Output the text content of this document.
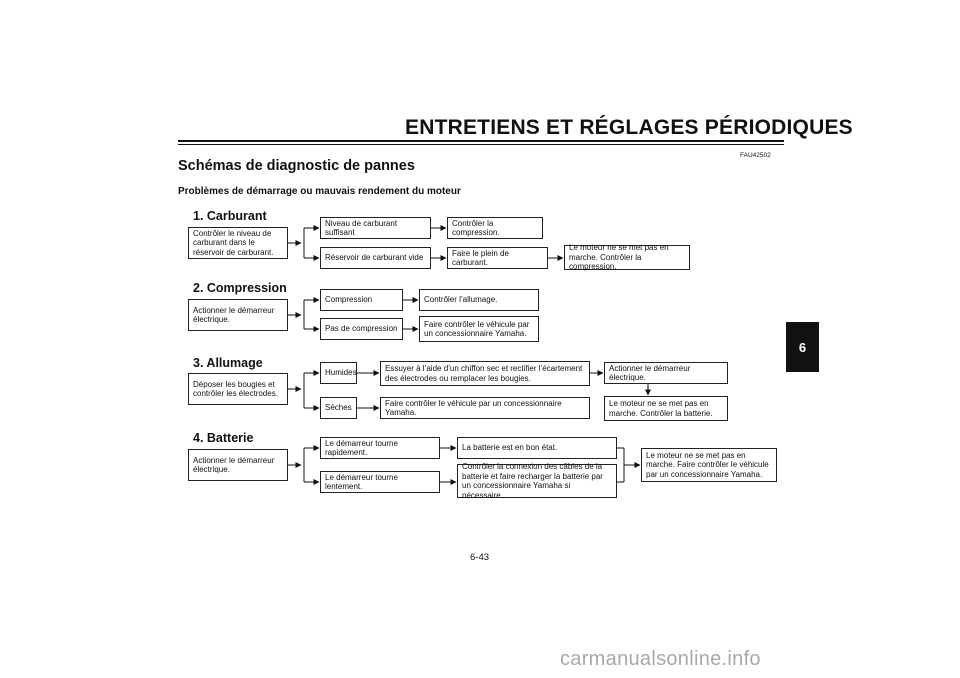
ENTRETIENS ET RÉGLAGES PÉRIODIQUES
FAU42502
Schémas de diagnostic de pannes
Problèmes de démarrage ou mauvais rendement du moteur
1. Carburant
Contrôler le niveau de carburant dans le réservoir de carburant.
Niveau de carburant suffisant
Contrôler la compression.
Réservoir de carburant vide
Faire le plein de carburant.
Le moteur ne se met pas en marche. Contrôler la compression.
2. Compression
Actionner le démarreur électrique.
Compression	Contrôler l’allumage.
Pas de compression
Faire contrôler le véhicule par un concessionnaire Yamaha.
3. Allumage
Déposer les bougies et contrôler les électrodes.
Humides	Essuyer à l’aide d’un chiffon sec et rectifier l’écartement des électrodes ou remplacer les bougies.
Actionner le démarreur électrique.
Le moteur ne se met pas en marche. Contrôler la batterie.
Sèches
Faire contrôler le véhicule par un concessionnaire Yamaha.
4. Batterie
Actionner le démarreur électrique.
Le démarreur tourne rapidement.
La batterie est en bon état.
Le démarreur tourne lentement.
Contrôler la connexion des câbles de la batterie et faire recharger la batterie par un concessionnaire Yamaha si nécessaire.
Le moteur ne se met pas en marche. Faire contrôler le véhicule par un concessionnaire Yamaha.
6
6-43
carmanualsonline.info
